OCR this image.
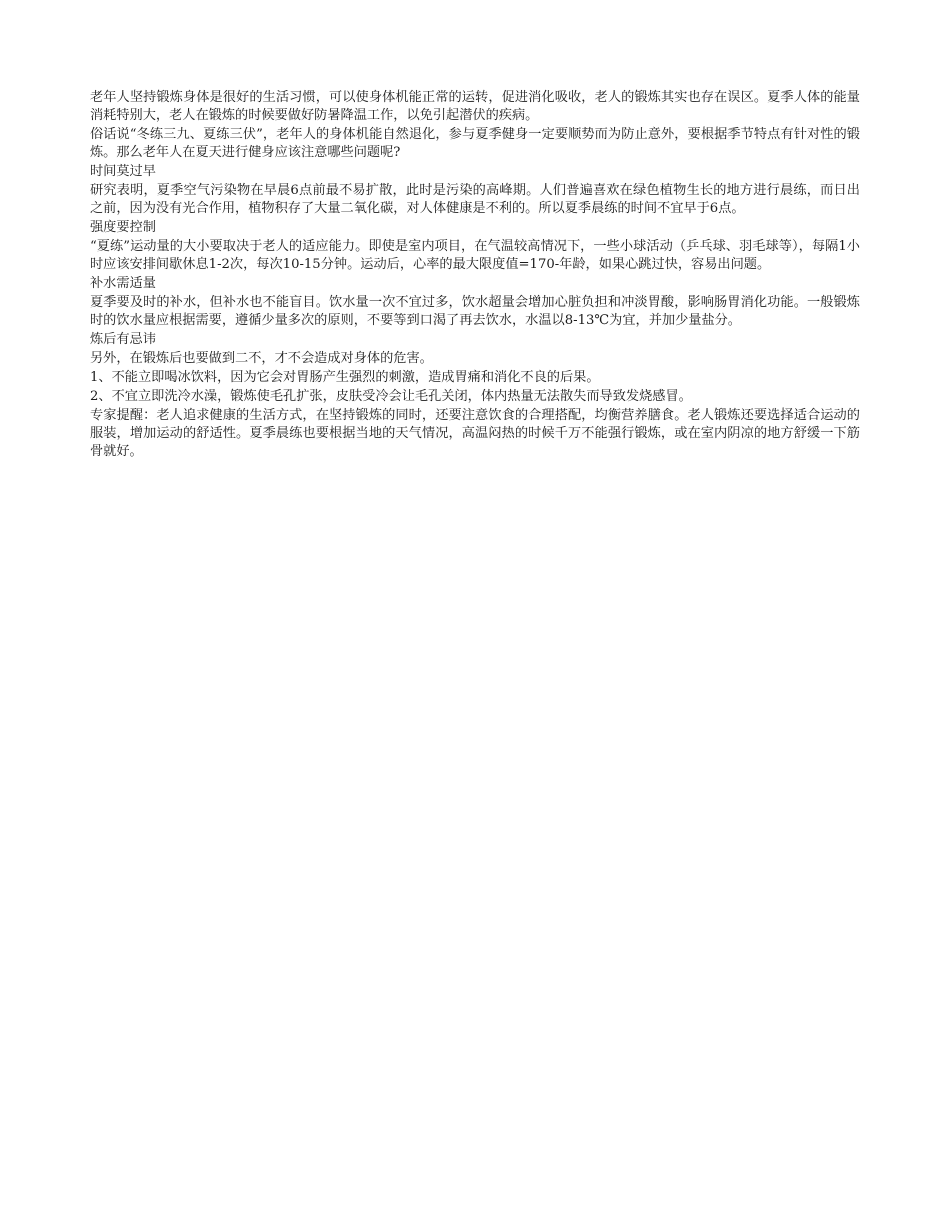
老年人坚持锻炼身体是很好的生活习惯，可以使身体机能正常的运转，促进消化吸收，老人的锻炼其实也存在误区。夏季人体的能量消耗特别大，老人在锻炼的时候要做好防暑降温工作，以免引起潜伏的疾病。

俗话说“冬练三九、夏练三伏”，老年人的身体机能自然退化，参与夏季健身一定要顺势而为防止意外，要根据季节特点有针对性的锻炼。那么老年人在夏天进行健身应该注意哪些问题呢?

时间莫过早

研究表明，夏季空气污染物在早晨6点前最不易扩散，此时是污染的高峰期。人们普遍喜欢在绿色植物生长的地方进行晨练，而日出之前，因为没有光合作用，植物积存了大量二氧化碳，对人体健康是不利的。所以夏季晨练的时间不宜早于6点。

强度要控制

“夏练”运动量的大小要取决于老人的适应能力。即使是室内项目，在气温较高情况下，一些小球活动（乒乓球、羽毛球等），每隔1小时应该安排间歇休息1-2次，每次10-15分钟。运动后，心率的最大限度值=170-年龄，如果心跳过快，容易出问题。

补水需适量

夏季要及时的补水，但补水也不能盲目。饮水量一次不宜过多，饮水超量会增加心脏负担和冲淡胃酸，影响肠胃消化功能。一般锻炼时的饮水量应根据需要，遵循少量多次的原则，不要等到口渴了再去饮水，水温以8-13℃为宜，并加少量盐分。

炼后有忌讳

另外，在锻炼后也要做到二不，才不会造成对身体的危害。

1、不能立即喝冰饮料，因为它会对胃肠产生强烈的刺激，造成胃痛和消化不良的后果。

2、不宜立即洗冷水澡，锻炼使毛孔扩张，皮肤受冷会让毛孔关闭，体内热量无法散失而导致发烧感冒。

专家提醒：老人追求健康的生活方式，在坚持锻炼的同时，还要注意饮食的合理搭配，均衡营养膳食。老人锻炼还要选择适合运动的服装，增加运动的舒适性。夏季晨练也要根据当地的天气情况，高温闷热的时候千万不能强行锻炼，或在室内阴凉的地方舒缓一下筋骨就好。
